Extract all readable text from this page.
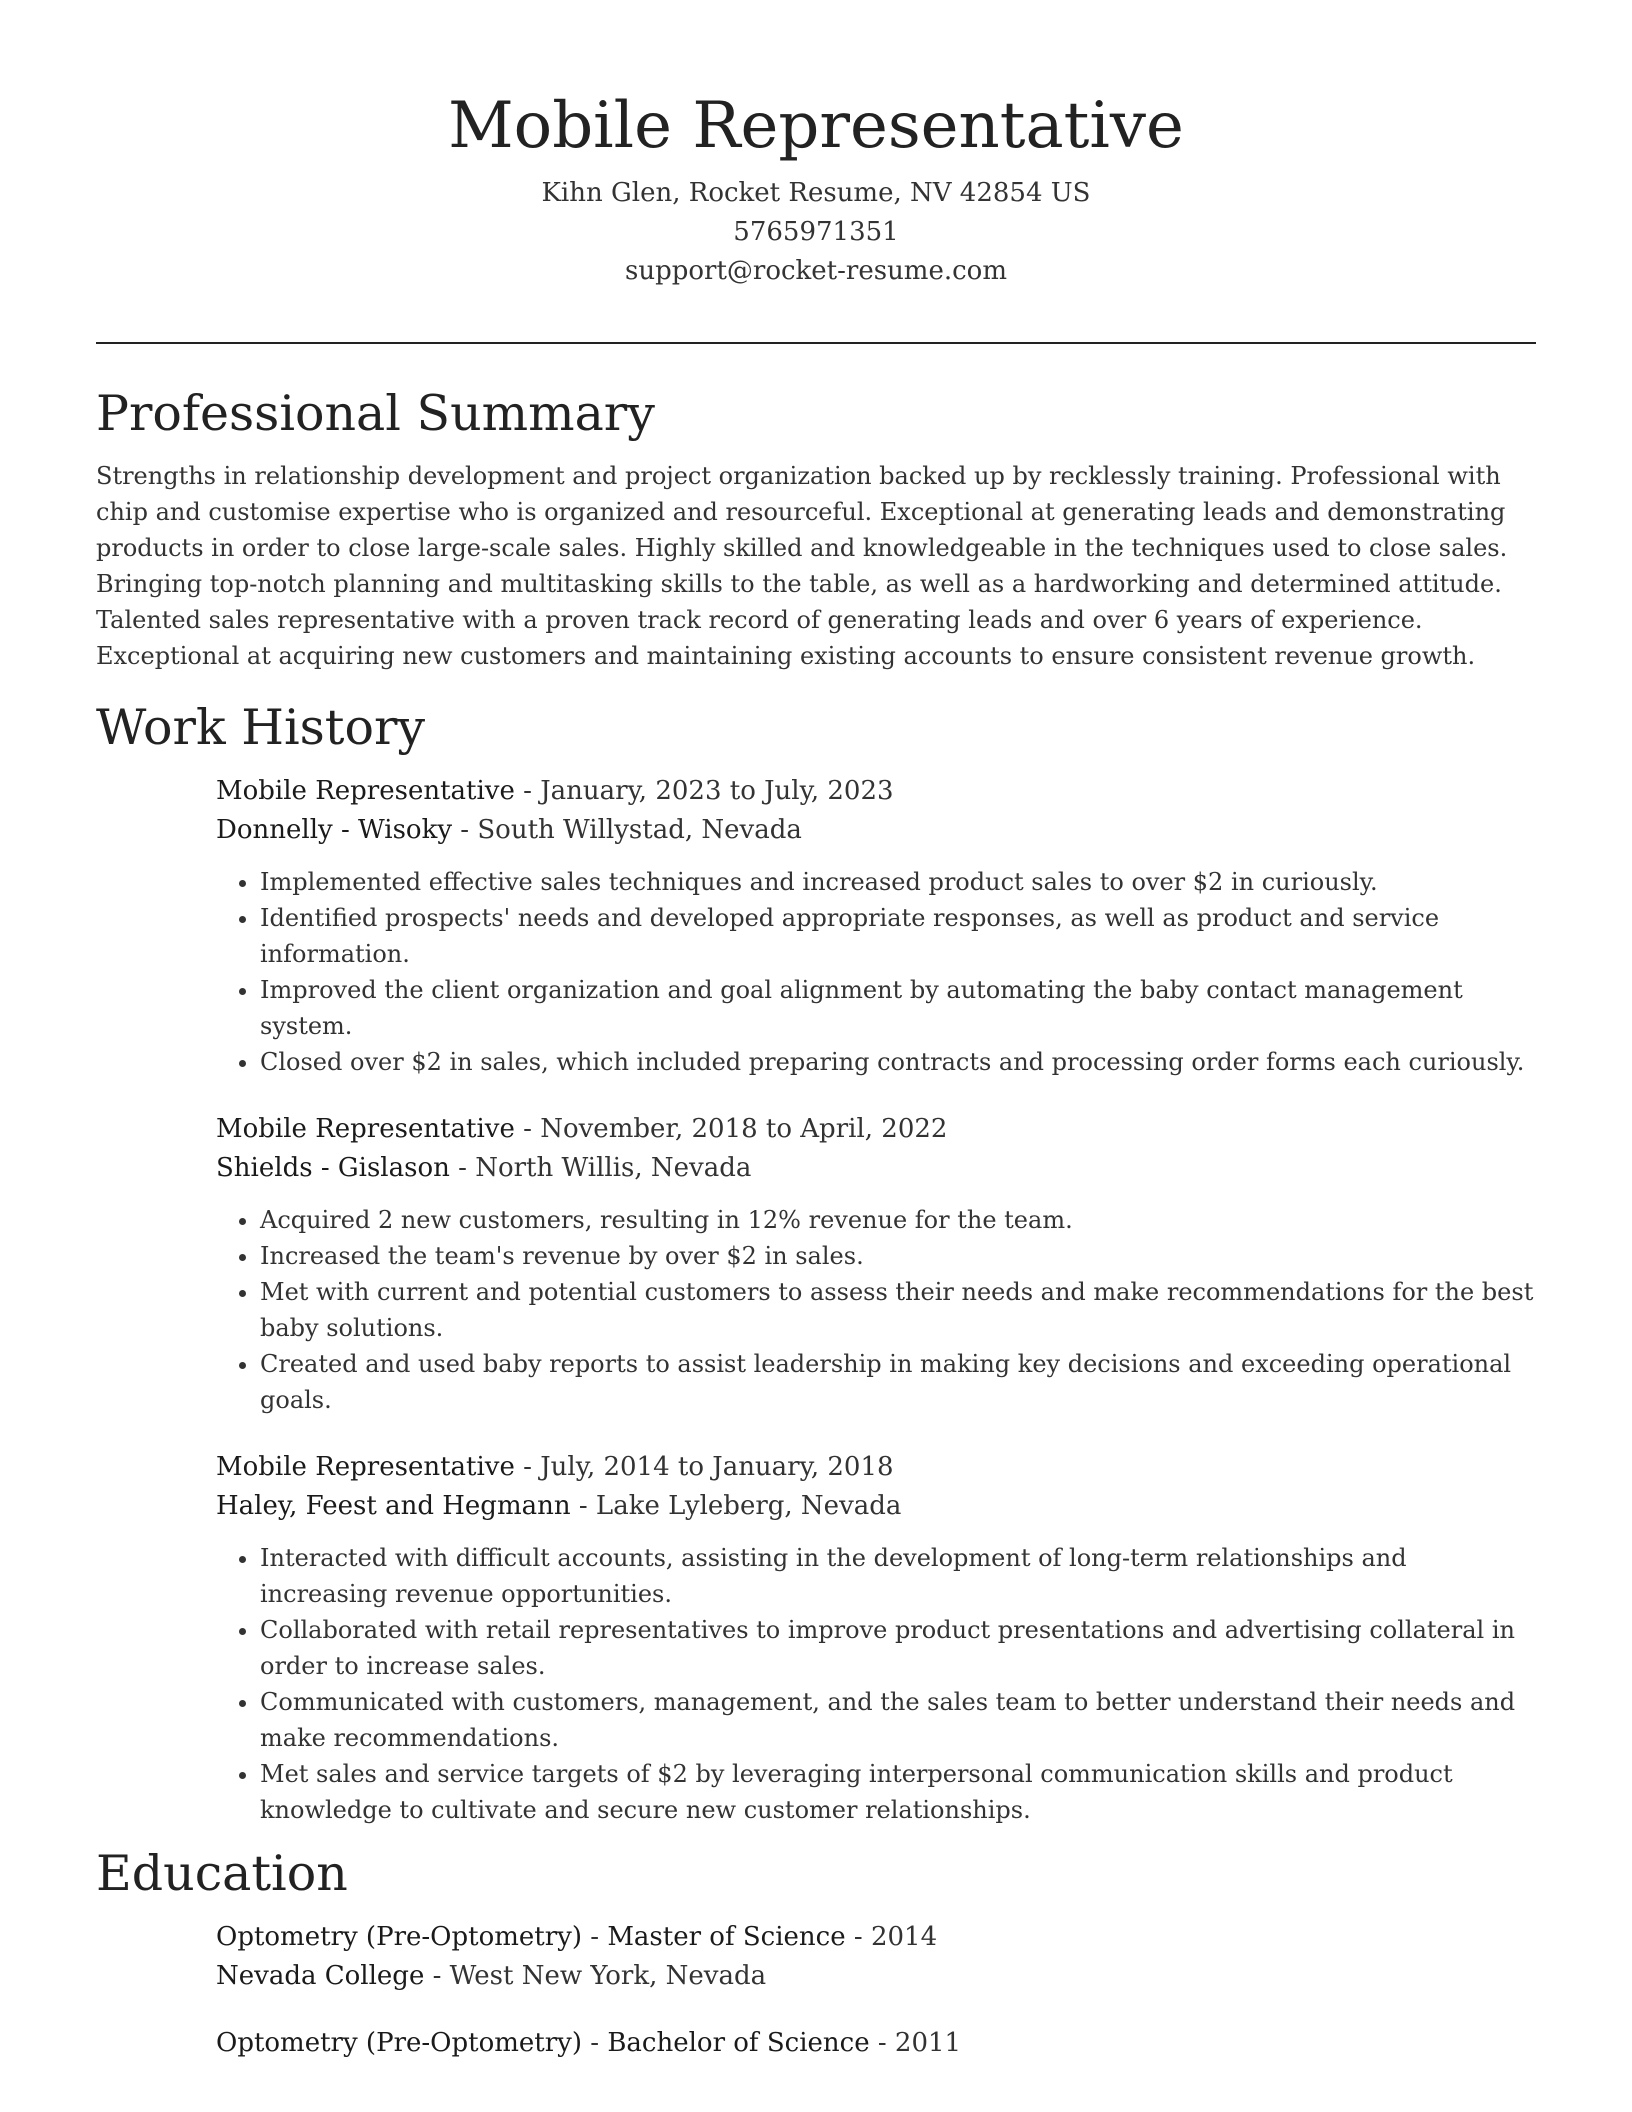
Mobile Representative
Kihn Glen, Rocket Resume, NV 42854 US
5765971351
support@rocket-resume.com
Professional Summary

Strengths in relationship development and project organization backed up by recklessly training. Professional with chip and customise expertise who is organized and resourceful. Exceptional at generating leads and demonstrating products in order to close large-scale sales. Highly skilled and knowledgeable in the techniques used to close sales. Bringing top-notch planning and multitasking skills to the table, as well as a hardworking and determined attitude. Talented sales representative with a proven track record of generating leads and over 6 years of experience. Exceptional at acquiring new customers and maintaining existing accounts to ensure consistent revenue growth.

Work History
Mobile Representative - January, 2023 to July, 2023
Donnelly - Wisoky - South Willystad, Nevada
• Implemented effective sales techniques and increased product sales to over $2 in curiously.
• Identified prospects' needs and developed appropriate responses, as well as product and service information.
• Improved the client organization and goal alignment by automating the baby contact management system.
• Closed over $2 in sales, which included preparing contracts and processing order forms each curiously.
Mobile Representative - November, 2018 to April, 2022
Shields - Gislason - North Willis, Nevada
• Acquired 2 new customers, resulting in 12% revenue for the team.
• Increased the team's revenue by over $2 in sales.
• Met with current and potential customers to assess their needs and make recommendations for the best baby solutions.
• Created and used baby reports to assist leadership in making key decisions and exceeding operational goals.
Mobile Representative - July, 2014 to January, 2018
Haley, Feest and Hegmann - Lake Lyleberg, Nevada
• Interacted with difficult accounts, assisting in the development of long-term relationships and increasing revenue opportunities.
• Collaborated with retail representatives to improve product presentations and advertising collateral in order to increase sales.
• Communicated with customers, management, and the sales team to better understand their needs and make recommendations.
• Met sales and service targets of $2 by leveraging interpersonal communication skills and product knowledge to cultivate and secure new customer relationships.
Education
Optometry (Pre-Optometry) - Master of Science - 2014
Nevada College - West New York, Nevada
Optometry (Pre-Optometry) - Bachelor of Science - 2011
